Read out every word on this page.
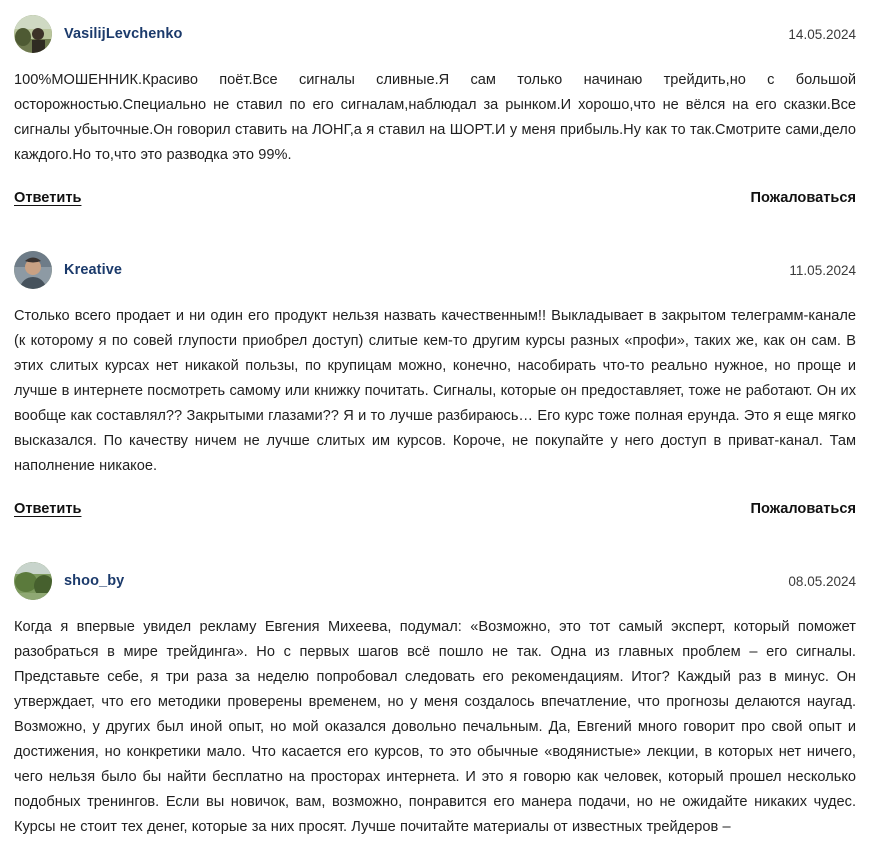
VasilijLevchenko	14.05.2024

100%МОШЕННИК.Красиво поёт.Все сигналы сливные.Я сам только начинаю трейдить,но с большой осторожностью.Специально не ставил по его сигналам,наблюдал за рынком.И хорошо,что не вёлся на его сказки.Все сигналы убыточные.Он говорил ставить на ЛОНГ,а я ставил на ШОРТ.И у меня прибыль.Ну как то так.Смотрите сами,дело каждого.Но то,что это разводка это 99%.

Ответить	Пожаловаться
Kreative	11.05.2024

Столько всего продает и ни один его продукт нельзя назвать качественным!! Выкладывает в закрытом телеграмм-канале (к которому я по совей глупости приобрел доступ) слитые кем-то другим курсы разных «профи», таких же, как он сам. В этих слитых курсах нет никакой пользы, по крупицам можно, конечно, насобирать что-то реально нужное, но проще и лучше в интернете посмотреть самому или книжку почитать. Сигналы, которые он предоставляет, тоже не работают. Он их вообще как составлял?? Закрытыми глазами?? Я и то лучше разбираюсь… Его курс тоже полная ерунда. Это я еще мягко высказался. По качеству ничем не лучше слитых им курсов. Короче, не покупайте у него доступ в приват-канал. Там наполнение никакое.

Ответить	Пожаловаться
shoo_by	08.05.2024

Когда я впервые увидел рекламу Евгения Михеева, подумал: «Возможно, это тот самый эксперт, который поможет разобраться в мире трейдинга». Но с первых шагов всё пошло не так. Одна из главных проблем – его сигналы. Представьте себе, я три раза за неделю попробовал следовать его рекомендациям. Итог? Каждый раз в минус. Он утверждает, что его методики проверены временем, но у меня создалось впечатление, что прогнозы делаются наугад. Возможно, у других был иной опыт, но мой оказался довольно печальным. Да, Евгений много говорит про свой опыт и достижения, но конкретики мало. Что касается его курсов, то это обычные «водянистые» лекции, в которых нет ничего, чего нельзя было бы найти бесплатно на просторах интернета. И это я говорю как человек, который прошел несколько подобных тренингов. Если вы новичок, вам, возможно, понравится его манера подачи, но не ожидайте никаких чудес. Курсы не стоит тех денег, которые за них просят. Лучше почитайте материалы от известных трейдеров –
